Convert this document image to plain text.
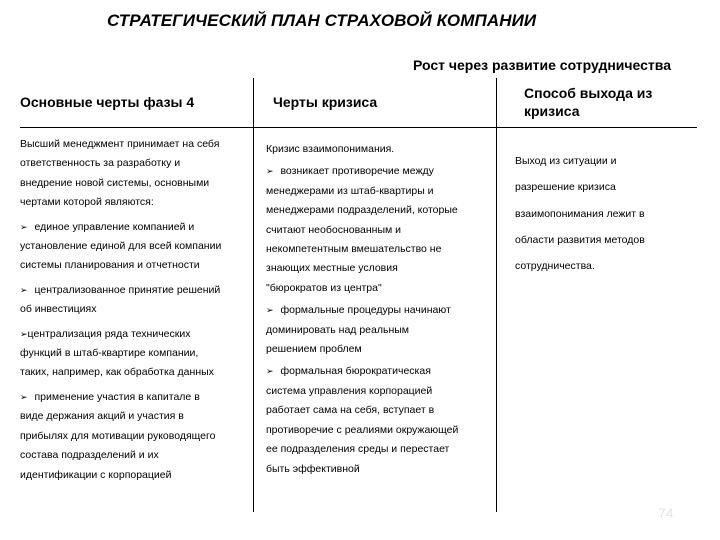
СТРАТЕГИЧЕСКИЙ ПЛАН СТРАХОВОЙ КОМПАНИИ
Рост через развитие сотрудничества
Основные черты фазы 4	Черты кризиса
Способ выхода из кризиса
Высший менеджмент принимает на себя
ответственность за разработку и
внедрение новой системы, основными
чертами которой являются:
➢ единое управление компанией и
установление единой для всей компании
системы планирования и отчетности
➢ централизованное принятие решений
об инвестициях
➢централизация ряда технических
функций в штаб-квартире компании,
таких, например, как обработка данных
➢ применение участия в капитале в
виде держания акций и участия в
прибылях для мотивации руководящего
состава подразделений и их
идентификации с корпорацией
Кризис взаимопонимания.
➢ возникает противоречие между
менеджерами из штаб-квартиры и
менеджерами подразделений, которые
считают необоснованным и
некомпетентным вмешательство не
знающих местные условия
"бюрократов из центра"
➢ формальные процедуры начинают
доминировать над реальным
решением проблем
➢ формальная бюрократическая
система управления корпорацией
работает сама на себя, вступает в
противоречие с реалиями окружающей
ее подразделения среды и перестает
быть эффективной
Выход из ситуации и
разрешение кризиса
взаимопонимания лежит в
области развития методов
сотрудничества.
74
